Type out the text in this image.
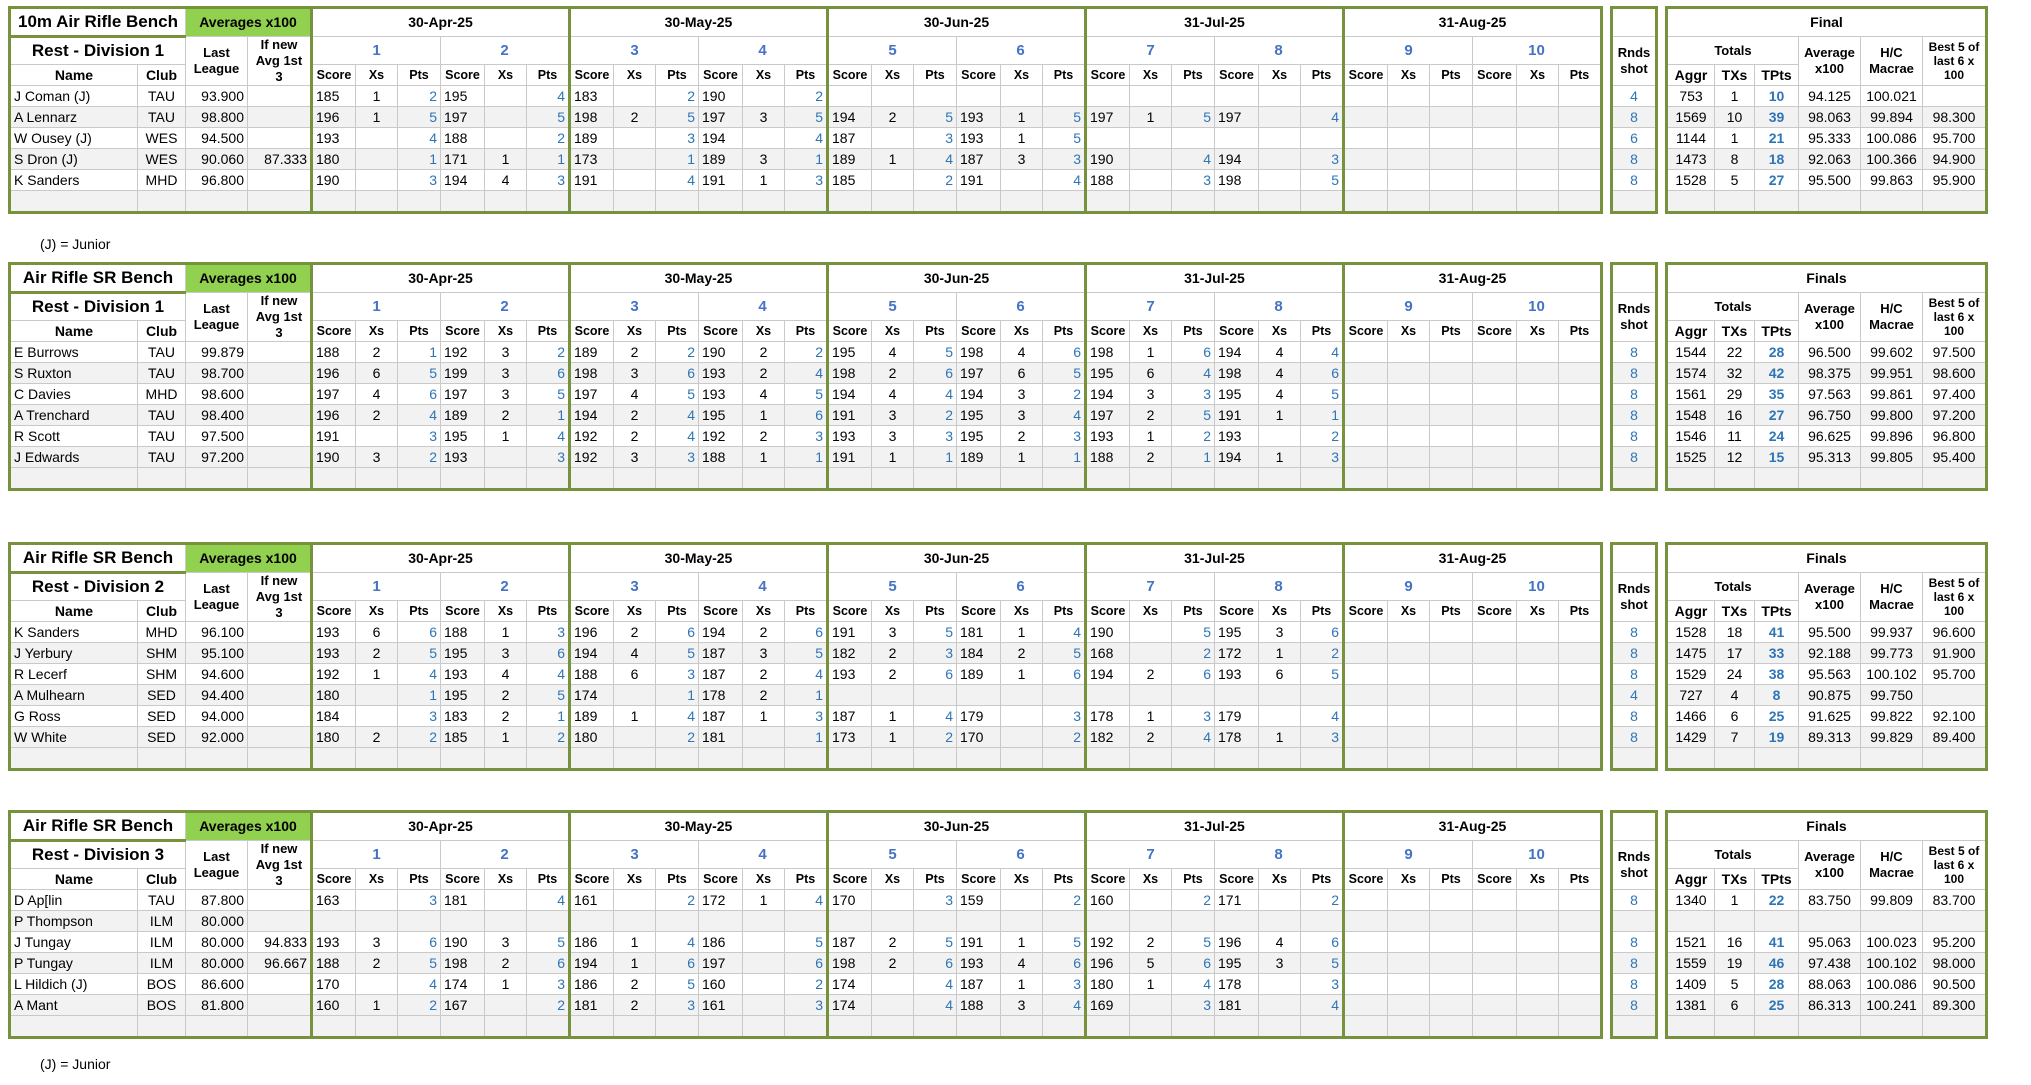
10m Air Rifle Bench		Averages x100		30-Apr-25						30-May-25						30-Jun-25						31-Jul-25						31-Aug-25									Final					
Rest - Division 1		Last League	If new Avg 1st 3	1			2			3			4			5			6			7			8			9			10				Rnds shot		Totals			Average x100	H/C Macrae	Best 5 of last 6 x 100
Name	Club			Score	Xs	Pts	Score	Xs	Pts	Score	Xs	Pts	Score	Xs	Pts	Score	Xs	Pts	Score	Xs	Pts	Score	Xs	Pts	Score	Xs	Pts	Score	Xs	Pts	Score	Xs	Pts				Aggr	TXs	TPts			
J Coman (J)	TAU	93.900		185	1	2	195		4	183		2	190		2																				4		753	1	10	94.125	100.021	
A Lennarz	TAU	98.800		196	1	5	197		5	198	2	5	197	3	5	194	2	5	193	1	5	197	1	5	197		4								8		1569	10	39	98.063	99.894	98.300
W Ousey (J)	WES	94.500		193		4	188		2	189		3	194		4	187		3	193	1	5														6		1144	1	21	95.333	100.086	95.700
S Dron (J)	WES	90.060	87.333	180		1	171	1	1	173		1	189	3	1	189	1	4	187	3	3	190		4	194		3								8		1473	8	18	92.063	100.366	94.900
K Sanders	MHD	96.800		190		3	194	4	3	191		4	191	1	3	185		2	191		4	188		3	198		5								8		1528	5	27	95.500	99.863	95.900

(J) = Junior
Air Rifle SR Bench		Averages x100		30-Apr-25						30-May-25						30-Jun-25						31-Jul-25						31-Aug-25									Finals					
Rest - Division 1		Last League	If new Avg 1st 3	1			2			3			4			5			6			7			8			9			10				Rnds shot		Totals			Average x100	H/C Macrae	Best 5 of last 6 x 100
Name	Club			Score	Xs	Pts	Score	Xs	Pts	Score	Xs	Pts	Score	Xs	Pts	Score	Xs	Pts	Score	Xs	Pts	Score	Xs	Pts	Score	Xs	Pts	Score	Xs	Pts	Score	Xs	Pts				Aggr	TXs	TPts			
E Burrows	TAU	99.879		188	2	1	192	3	2	189	2	2	190	2	2	195	4	5	198	4	6	198	1	6	194	4	4								8		1544	22	28	96.500	99.602	97.500
S Ruxton	TAU	98.700		196	6	5	199	3	6	198	3	6	193	2	4	198	2	6	197	6	5	195	6	4	198	4	6								8		1574	32	42	98.375	99.951	98.600
C Davies	MHD	98.600		197	4	6	197	3	5	197	4	5	193	4	5	194	4	4	194	3	2	194	3	3	195	4	5								8		1561	29	35	97.563	99.861	97.400
A Trenchard	TAU	98.400		196	2	4	189	2	1	194	2	4	195	1	6	191	3	2	195	3	4	197	2	5	191	1	1								8		1548	16	27	96.750	99.800	97.200
R Scott	TAU	97.500		191		3	195	1	4	192	2	4	192	2	3	193	3	3	195	2	3	193	1	2	193		2								8		1546	11	24	96.625	99.896	96.800
J Edwards	TAU	97.200		190	3	2	193		3	192	3	3	188	1	1	191	1	1	189	1	1	188	2	1	194	1	3								8		1525	12	15	95.313	99.805	95.400

Air Rifle SR Bench		Averages x100		30-Apr-25						30-May-25						30-Jun-25						31-Jul-25						31-Aug-25									Finals					
Rest - Division 2		Last League	If new Avg 1st 3	1			2			3			4			5			6			7			8			9			10				Rnds shot		Totals			Average x100	H/C Macrae	Best 5 of last 6 x 100
Name	Club			Score	Xs	Pts	Score	Xs	Pts	Score	Xs	Pts	Score	Xs	Pts	Score	Xs	Pts	Score	Xs	Pts	Score	Xs	Pts	Score	Xs	Pts	Score	Xs	Pts	Score	Xs	Pts				Aggr	TXs	TPts			
K Sanders	MHD	96.100		193	6	6	188	1	3	196	2	6	194	2	6	191	3	5	181	1	4	190		5	195	3	6								8		1528	18	41	95.500	99.937	96.600
J Yerbury	SHM	95.100		193	2	5	195	3	6	194	4	5	187	3	5	182	2	3	184	2	5	168		2	172	1	2								8		1475	17	33	92.188	99.773	91.900
R Lecerf	SHM	94.600		192	1	4	193	4	4	188	6	3	187	2	4	193	2	6	189	1	6	194	2	6	193	6	5								8		1529	24	38	95.563	100.102	95.700
A Mulhearn	SED	94.400		180		1	195	2	5	174		1	178	2	1																				4		727	4	8	90.875	99.750	
G Ross	SED	94.000		184		3	183	2	1	189	1	4	187	1	3	187	1	4	179		3	178	1	3	179		4								8		1466	6	25	91.625	99.822	92.100
W White	SED	92.000		180	2	2	185	1	2	180		2	181		1	173	1	2	170		2	182	2	4	178	1	3								8		1429	7	19	89.313	99.829	89.400

Air Rifle SR Bench		Averages x100		30-Apr-25						30-May-25						30-Jun-25						31-Jul-25						31-Aug-25									Finals					
Rest - Division 3		Last League	If new Avg 1st 3	1			2			3			4			5			6			7			8			9			10				Rnds shot		Totals			Average x100	H/C Macrae	Best 5 of last 6 x 100
Name	Club			Score	Xs	Pts	Score	Xs	Pts	Score	Xs	Pts	Score	Xs	Pts	Score	Xs	Pts	Score	Xs	Pts	Score	Xs	Pts	Score	Xs	Pts	Score	Xs	Pts	Score	Xs	Pts				Aggr	TXs	TPts			
D Ap[lin	TAU	87.800		163		3	181		4	161		2	172	1	4	170		3	159		2	160		2	171		2								8		1340	1	22	83.750	99.809	83.700
P Thompson	ILM	80.000																																								
J Tungay	ILM	80.000	94.833	193	3	6	190	3	5	186	1	4	186		5	187	2	5	191	1	5	192	2	5	196	4	6								8		1521	16	41	95.063	100.023	95.200
P Tungay	ILM	80.000	96.667	188	2	5	198	2	6	194	1	6	197		6	198	2	6	193	4	6	196	5	6	195	3	5								8		1559	19	46	97.438	100.102	98.000
L Hildich (J)	BOS	86.600		170		4	174	1	3	186	2	5	160		2	174		4	187	1	3	180	1	4	178		3								8		1409	5	28	88.063	100.086	90.500
A Mant	BOS	81.800		160	1	2	167		2	181	2	3	161		3	174		4	188	3	4	169		3	181		4								8		1381	6	25	86.313	100.241	89.300

(J) = Junior
